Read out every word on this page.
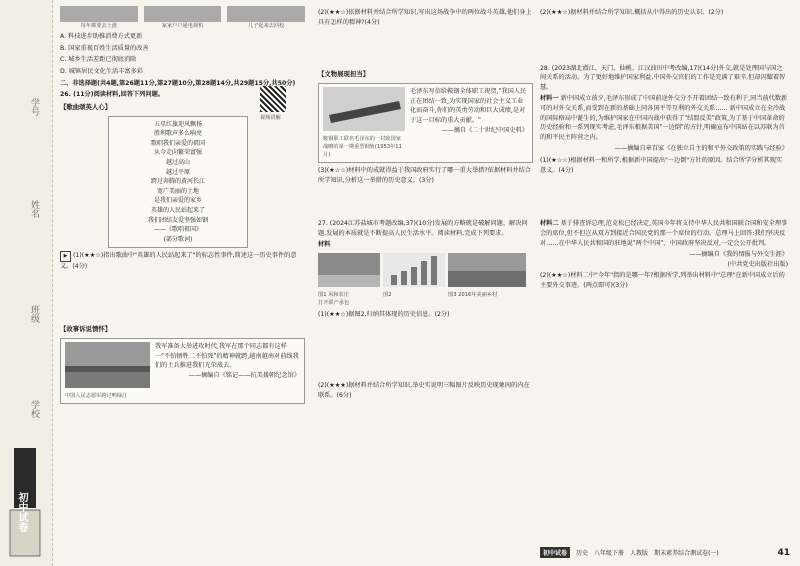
学号
姓名
班级
学校
初中试卷
每年都要去上涨	家家户户通电视机	儿子起来去回校
A. 科技进步助推消费方式更新
B. 国家重视百姓生活质量的改善
C. 城乡生活差距已彻底消除
D. 城镇居民文化生活丰富多彩
二、非选择题(共4题,第26题11分,第27题10分,第28题14分,共29题15分,共50分)
26. (11分)阅读材料,回答下列问题。
视频讲解
【歌曲颂英人心】

五星红旗迎风飘扬

胜利歌声多么响亮

歌唱我们亲爱的祖国

从今走向繁荣富强

越过高山

越过平原

跨过奔腾的黄河长江

宽广美丽的土地

是我们亲爱的家乡

英雄的人民站起来了

我们团结友爱坚强如钢

——《歌唱祖国》

(部分歌词)

▶ (1)(★★☆)指出歌曲中"英雄的人民站起来了"的标志性事件,简述这一历史事件的意义。(4分)
【故事诉说情怀】
中国人民志愿军跨过鸭绿江
我军准备大举进攻时代,我军在那个同志都有这样一"不怕牺牲二不怕死"的精神就跨,越南越南对前线我们的士兵推进我们光荣战去。
——摘编自《铭记——抗美援朝纪念馆》
(2)(★★☆)依据材料并结合所学知识,写出这场战争中的两位战斗英雄,他们身上具有怎样的精神?(4分)
【文物展现担当】
鞍钢职工联名毛泽东的一封致国家战略的第一期重型钢轨(1953年11月)
毛泽东写信给鞍钢全体职工祝贺,"我国人民正在团结一致,为实现国家的社会主义工业化而奋斗,你们的英勇劳动和巨大成绩,是对于这一目标的重大贡献。"
——摘自《二十世纪中国史料》
(3)(★☆☆)材料中的成就得益于我国政府实行了哪一重大举措?依据材料并结合所学知识,分析这一举措的历史意义。(3分)
27. (2024江苏盐城市考题改编,37)(10分)发展的方略就是破解问题、解决问题,发展的本质就是不断提高人民生活水平。阅读材料,完成下列要求。
材料
图1 风和农庄
打开联产承包
图2	图3 2016年美丽乡村
(1)(★★☆)据图2,归纳其体现的历史信息。(2分)
(2)(★★★)据材料并结合所学知识,举史实说明三幅图片反映历史现象间的内在联系。(6分)
(2)(★★☆)据材料并结合所学知识,概括从中得出的历史认识。(2分)
28. (2023湖北潜江、天门、仙桃、江汉油田中考改编,17)(14分)外交,就是处理国与国之间关系的活动。为了更好地维护国家利益,中国外交官们的工作是充满了艰辛,但却闪耀着智慧。
材料一 新中国成立前夕,毛泽东形成了中国前途外交分不开着团结一致有利于,同当前代数新可的对外交关系,而受到在新的基础上同各国平等互利的外交关系…… 新中国成立在全冷战的国际格局中诞生的,为维护国家在中国内战中获得了"结盟反美"政策,为了基于中国革命的历史经验和一系列现实考虑,毛泽东根据美国"一边倒"的方针,明确宣布中国站在以苏联为首的和平民主阵营之内。
——摘编自章百家《在独立自主的和平外交政策的实践与经验》
(1)(★☆☆)根据材料一和所学,根据新中国提出"一边倒"方针的原因。结合所学分析其现实意义。(4分)
材料二 基于排查诉总理,范克松已经决定,英国今年将支持中华人民共和国联合国和安全理事会的席位,但不但岂从双方到接近合国民党的那一个席位的行动。总理马上回答:我们坚决反对……在中华人民共和国的驻地说"两个中国"、中国政府坚决反对,一定会公开批判。
——摘编自《我的情报与外交生涯》
(中共党史出版社出版)
(2)(★★☆)材料二中"今年"指的是哪一年?根据所学,列举出材料中"总理"在新中国成立后的主要外交事迹。(两点即可)(3分)
初中试卷	历史 八年级下册 人教版 期末素养综合测试卷(一)	41
